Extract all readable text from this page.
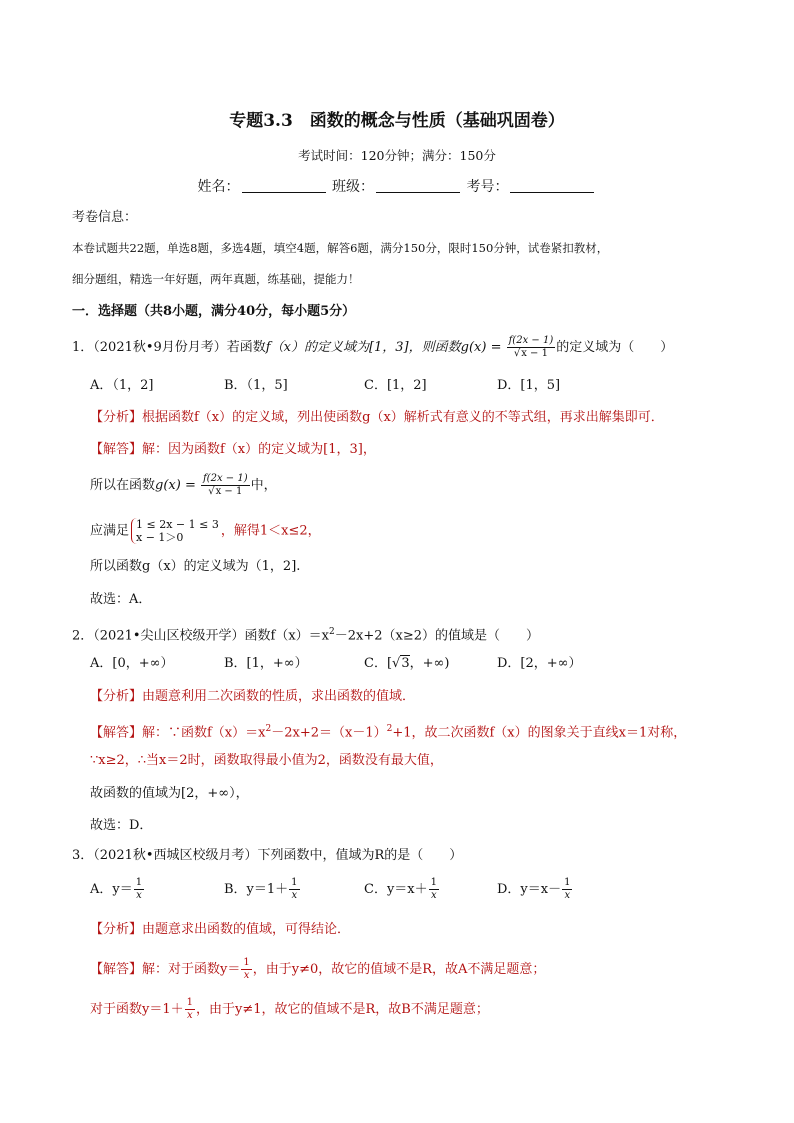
专题3.3　函数的概念与性质（基础巩固卷）
考试时间：120分钟；满分：150分
姓名：	班级：	考号：
考卷信息：
本卷试题共22题，单选8题，多选4题，填空4题，解答6题，满分150分，限时150分钟，试卷紧扣教材，
细分题组，精选一年好题，两年真题，练基础，提能力！
一．选择题（共8小题，满分40分，每小题5分）
1．（2021秋•9月份月考）若函数f（x）的定义域为[1，3]，则函数$g(x) = \frac{f(2x - 1)}{√x - 1}$ 的定义域为（　　）
A．（1，2]	B．（1，5]	C．[1，2]	D．[1，5]
【分析】根据函数f（x）的定义域，列出使函数g（x）解析式有意义的不等式组，再求出解集即可．
【解答】解：因为函数f（x）的定义域为[1，3]，
所以在函数$g(x) = \frac{f(2x - 1)}{√x - 1}$ 中，
应满足 1 ≤ 2x − 1 ≤ 3
x − 1＞0	，解得1＜x≤2，
所以函数g（x）的定义域为（1，2].
故选：A．
2．（2021•尖山区校级开学）函数$f(x)=x^2-2x+2(x\ge 2)$的值域是（　　）
A．[0，+∞）	B．[1，+∞）	C．[√3，+∞)	D．[2，+∞）
【分析】由题意利用二次函数的性质，求出函数的值域．
【解答】解：∵函数$f(x)=x^2-2x+2=(x-1)^2+1$，故二次函数f（x）的图象关于直线x＝1对称，
∵x≥2，∴当x＝2时，函数取得最小值为2，函数没有最大值，
故函数的值域为[2，+∞），
故选：D．
3．（2021秋•西城区校级月考）下列函数中，值域为R的是（　　）
A．$y= \frac{1}{x}$	B．$y=1+ \frac{1}{x}$	C．$y=x+ \frac{1}{x}$	D．$y=x- \frac{1}{x}$
【分析】由题意求出函数的值域，可得结论．
【解答】解：对于函数$y= \frac{1}{x}$ ，由于y≠0，故它的值域不是R，故A不满足题意；
对于函数$y=1+ \frac{1}{x}$ ，由于y≠1，故它的值域不是R，故B不满足题意；
